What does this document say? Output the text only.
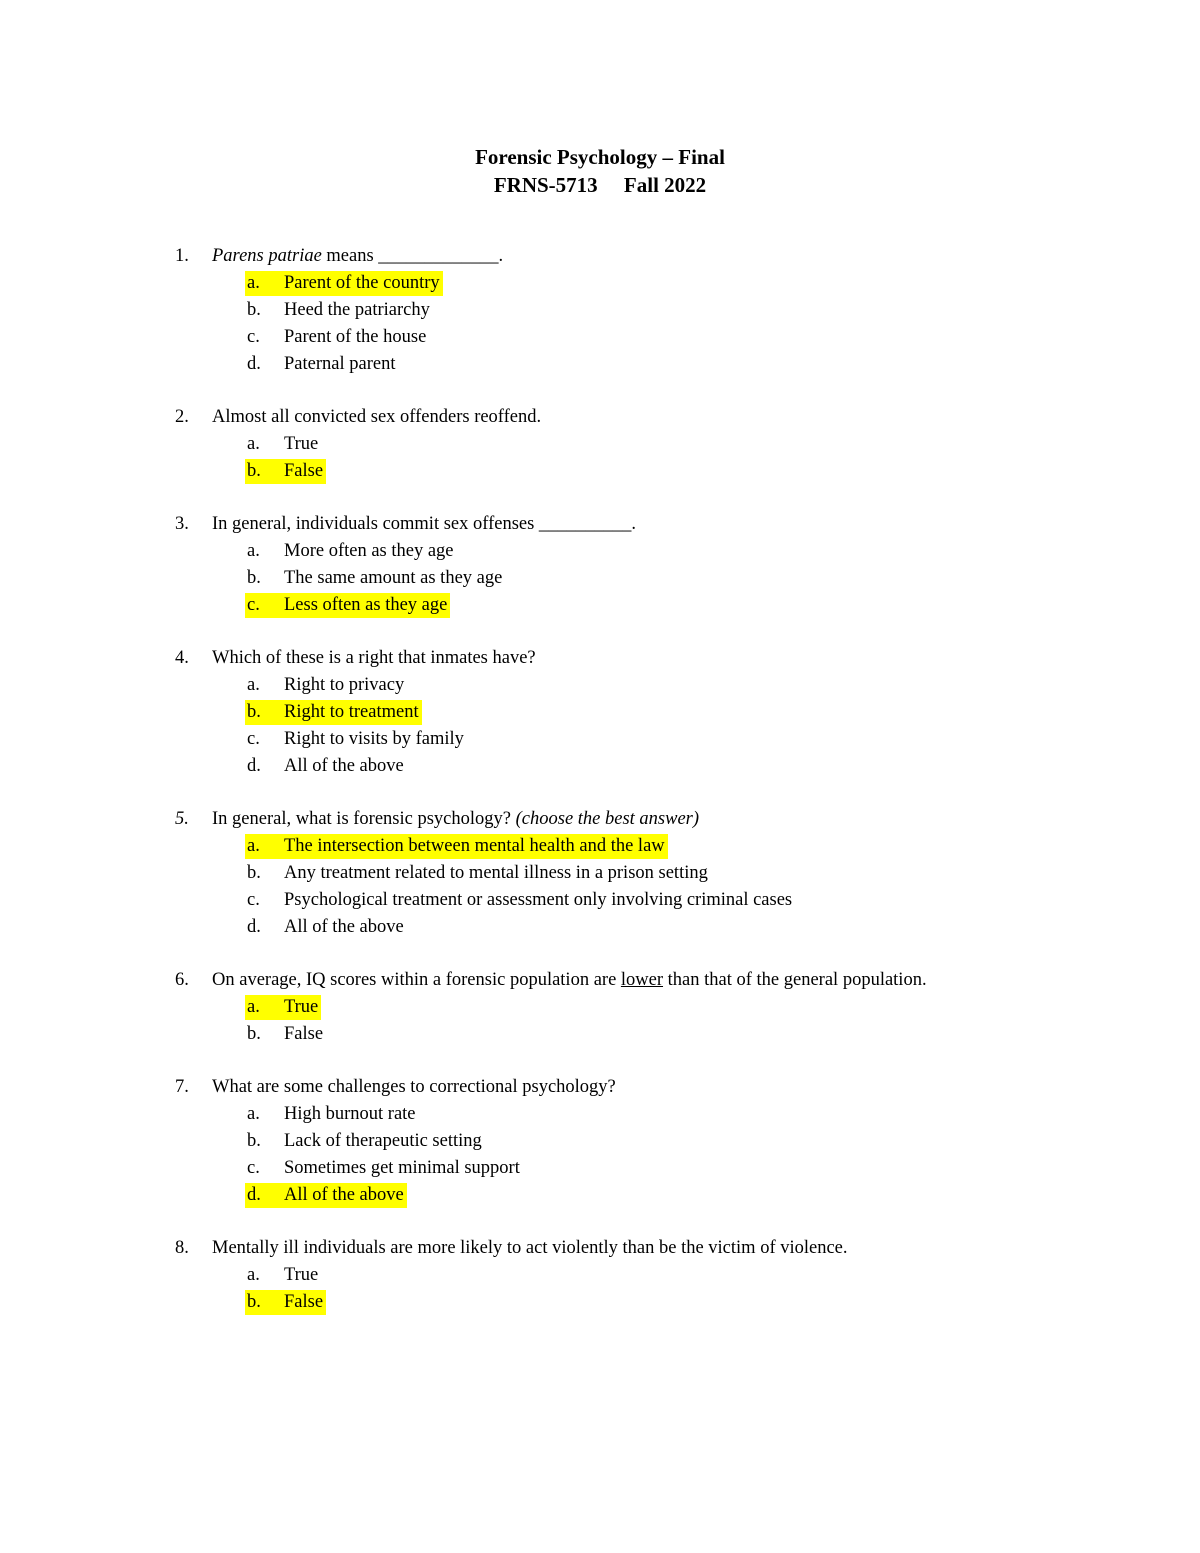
Forensic Psychology – Final
FRNS-5713     Fall 2022
1. Parens patriae means _____________.
a. Parent of the country
b. Heed the patriarchy
c. Parent of the house
d. Paternal parent
2. Almost all convicted sex offenders reoffend.
a. True
b. False
3. In general, individuals commit sex offenses __________.
a. More often as they age
b. The same amount as they age
c. Less often as they age
4. Which of these is a right that inmates have?
a. Right to privacy
b. Right to treatment
c. Right to visits by family
d. All of the above
5. In general, what is forensic psychology? (choose the best answer)
a. The intersection between mental health and the law
b. Any treatment related to mental illness in a prison setting
c. Psychological treatment or assessment only involving criminal cases
d. All of the above
6. On average, IQ scores within a forensic population are lower than that of the general population.
a. True
b. False
7. What are some challenges to correctional psychology?
a. High burnout rate
b. Lack of therapeutic setting
c. Sometimes get minimal support
d. All of the above
8. Mentally ill individuals are more likely to act violently than be the victim of violence.
a. True
b. False
